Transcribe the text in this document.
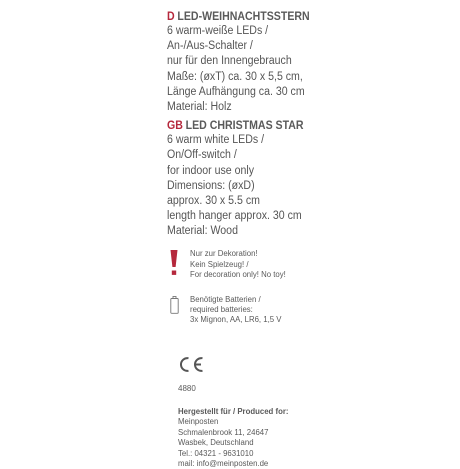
D LED-WEIHNACHTSSTERN
6 warm-weiße LEDs /
An-/Aus-Schalter /
nur für den Innengebrauch
Maße: (øxT) ca. 30 x 5,5 cm,
Länge Aufhängung ca. 30 cm
Material: Holz
GB LED CHRISTMAS STAR
6 warm white LEDs /
On/Off-switch /
for indoor use only
Dimensions: (øxD)
approx. 30 x 5.5 cm
length hanger approx. 30 cm
Material: Wood
Nur zur Dekoration!
Kein Spielzeug! /
For decoration only! No toy!
Benötigte Batterien /
required batteries:
3x Mignon, AA, LR6, 1,5 V
4880
Hergestellt für / Produced for:
Meinposten
Schmalenbrook 11, 24647
Wasbek, Deutschland
Tel.: 04321 - 9631010
mail: info@meinposten.de
